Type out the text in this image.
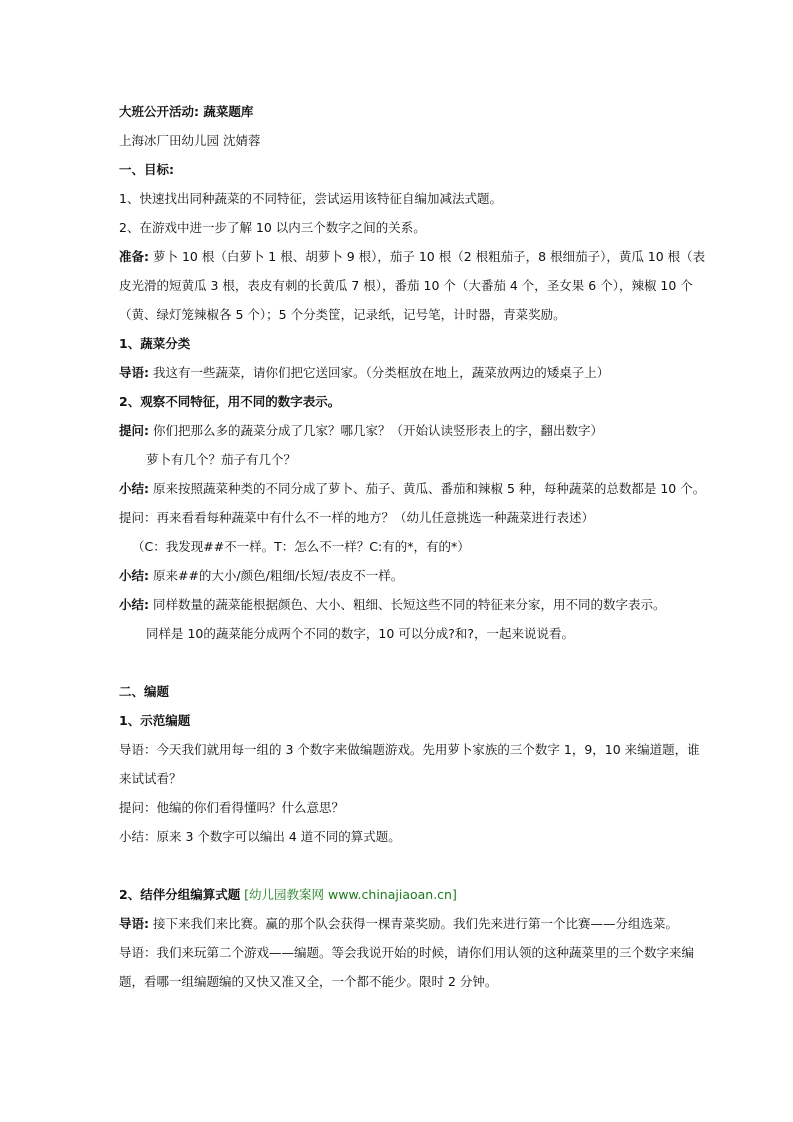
大班公开活动: 蔬菜题库
上海冰厂田幼儿园 沈婧蓉
一、目标:
1、快速找出同种蔬菜的不同特征，尝试运用该特征自编加减法式题。
2、在游戏中进一步了解 10 以内三个数字之间的关系。
准备: 萝卜 10 根（白萝卜 1 根、胡萝卜 9 根），茄子 10 根（2 根粗茄子，8 根细茄子），黄瓜 10 根（表
皮光滑的短黄瓜 3 根，表皮有刺的长黄瓜 7 根），番茄 10 个（大番茄 4 个，圣女果 6 个），辣椒 10 个
（黄、绿灯笼辣椒各 5 个）；5 个分类筐，记录纸，记号笔，计时器，青菜奖励。
1、蔬菜分类
导语: 我这有一些蔬菜，请你们把它送回家。（分类框放在地上，蔬菜放两边的矮桌子上）
2、观察不同特征，用不同的数字表示。
提问: 你们把那么多的蔬菜分成了几家？哪几家？（开始认读竖形表上的字，翻出数字）
萝卜有几个？茄子有几个？
小结: 原来按照蔬菜种类的不同分成了萝卜、茄子、黄瓜、番茄和辣椒 5 种，每种蔬菜的总数都是 10 个。
提问：再来看看每种蔬菜中有什么不一样的地方？（幼儿任意挑选一种蔬菜进行表述）
（C：我发现##不一样。T：怎么不一样？C:有的*，有的*）
小结: 原来##的大小/颜色/粗细/长短/表皮不一样。
小结: 同样数量的蔬菜能根据颜色、大小、粗细、长短这些不同的特征来分家，用不同的数字表示。
同样是 10的蔬菜能分成两个不同的数字，10 可以分成?和?，一起来说说看。
二、编题
1、示范编题
导语：今天我们就用每一组的 3 个数字来做编题游戏。先用萝卜家族的三个数字 1，9，10 来编道题，谁
来试试看？
提问：他编的你们看得懂吗？什么意思？
小结：原来 3 个数字可以编出 4 道不同的算式题。
2、结伴分组编算式题 [幼儿园教案网 www.chinajiaoan.cn]
导语: 接下来我们来比赛。赢的那个队会获得一棵青菜奖励。我们先来进行第一个比赛——分组选菜。
导语：我们来玩第二个游戏——编题。等会我说开始的时候，请你们用认领的这种蔬菜里的三个数字来编
题，看哪一组编题编的又快又准又全，一个都不能少。限时 2 分钟。
